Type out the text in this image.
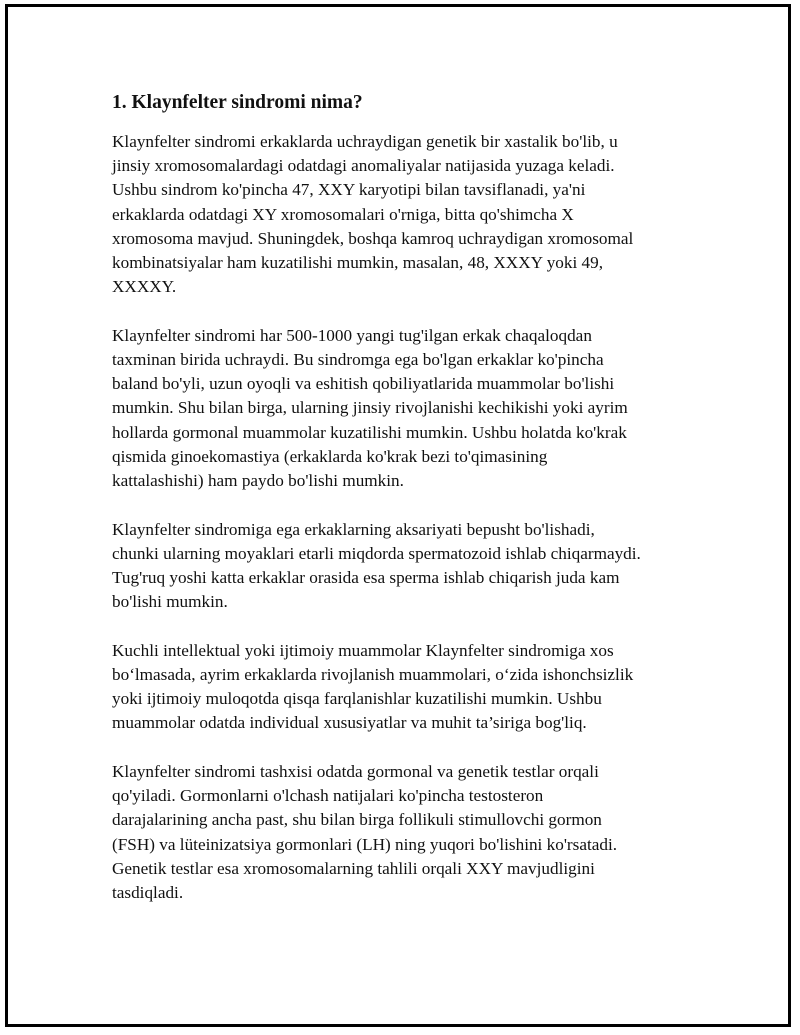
1. Klaynfelter sindromi nima?

Klaynfelter sindromi erkaklarda uchraydigan genetik bir xastalik bo'lib, u
jinsiy xromosomalardagi odatdagi anomaliyalar natijasida yuzaga keladi.
Ushbu sindrom ko'pincha 47, XXY karyotipi bilan tavsiflanadi, ya'ni
erkaklarda odatdagi XY xromosomalari o'rniga, bitta qo'shimcha X
xromosoma mavjud. Shuningdek, boshqa kamroq uchraydigan xromosomal
kombinatsiyalar ham kuzatilishi mumkin, masalan, 48, XXXY yoki 49,
XXXXY.

Klaynfelter sindromi har 500-1000 yangi tug'ilgan erkak chaqaloqdan
taxminan birida uchraydi. Bu sindromga ega bo'lgan erkaklar ko'pincha
baland bo'yli, uzun oyoqli va eshitish qobiliyatlarida muammolar bo'lishi
mumkin. Shu bilan birga, ularning jinsiy rivojlanishi kechikishi yoki ayrim
hollarda gormonal muammolar kuzatilishi mumkin. Ushbu holatda ko'krak
qismida ginoekomastiya (erkaklarda ko'krak bezi to'qimasining
kattalashishi) ham paydo bo'lishi mumkin.

Klaynfelter sindromiga ega erkaklarning aksariyati bepusht bo'lishadi,
chunki ularning moyaklari etarli miqdorda spermatozoid ishlab chiqarmaydi.
Tug'ruq yoshi katta erkaklar orasida esa sperma ishlab chiqarish juda kam
bo'lishi mumkin.

Kuchli intellektual yoki ijtimoiy muammolar Klaynfelter sindromiga xos
bo‘lmasada, ayrim erkaklarda rivojlanish muammolari, o‘zida ishonchsizlik
yoki ijtimoiy muloqotda qisqa farqlanishlar kuzatilishi mumkin. Ushbu
muammolar odatda individual xususiyatlar va muhit ta’siriga bog'liq.

Klaynfelter sindromi tashxisi odatda gormonal va genetik testlar orqali
qo'yiladi. Gormonlarni o'lchash natijalari ko'pincha testosteron
darajalarining ancha past, shu bilan birga follikuli stimullovchi gormon
(FSH) va lüteinizatsiya gormonlari (LH) ning yuqori bo'lishini ko'rsatadi.
Genetik testlar esa xromosomalarning tahlili orqali XXY mavjudligini
tasdiqladi.
